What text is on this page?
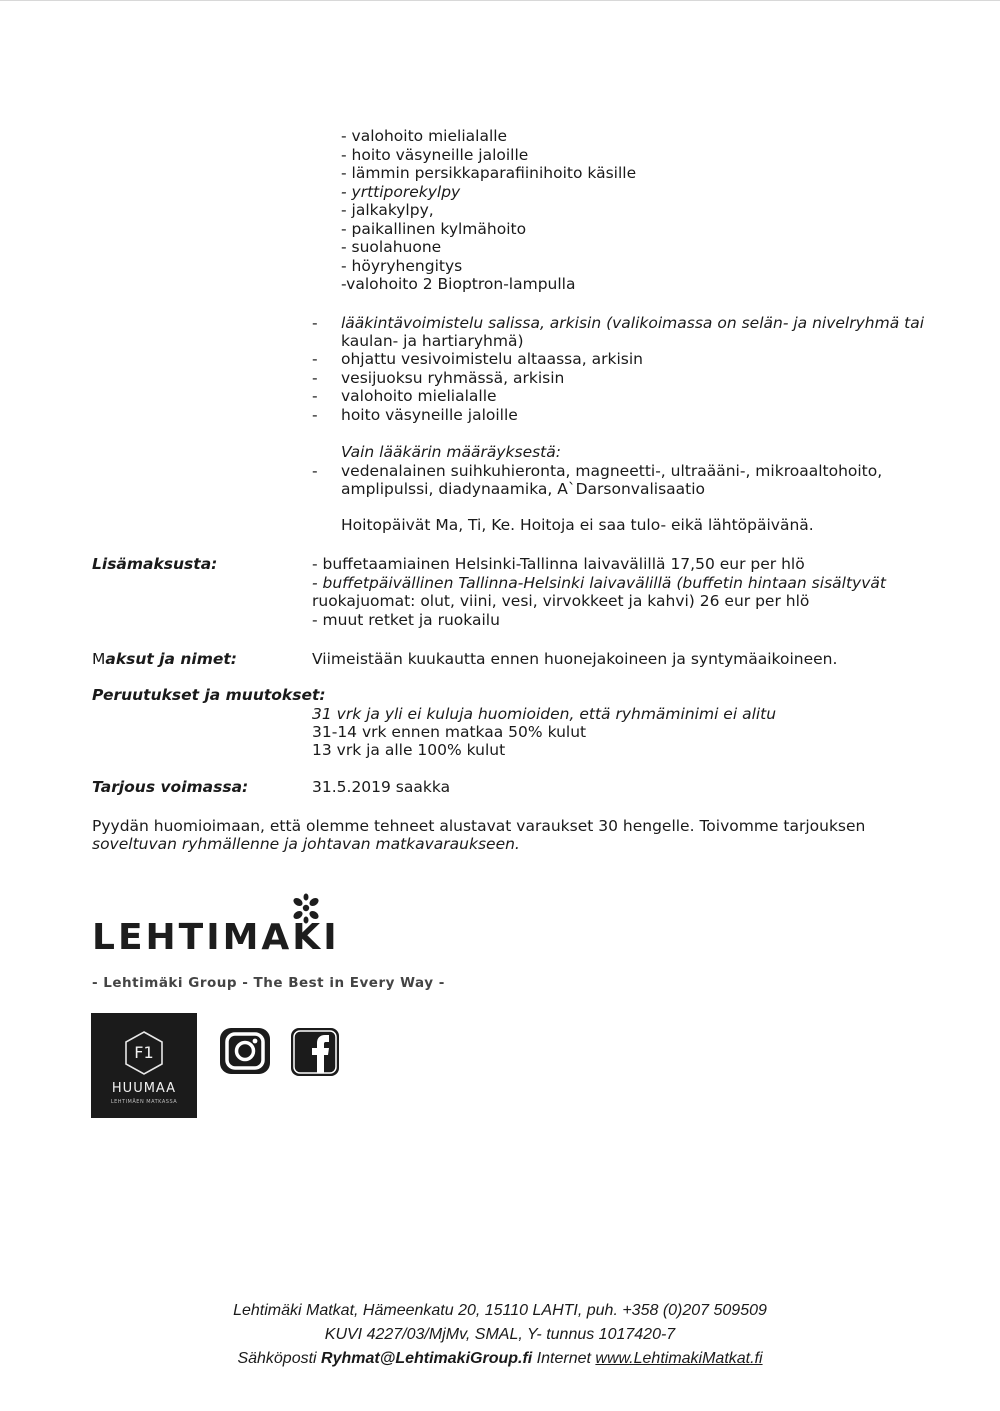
- valohoito mielialalle
- hoito väsyneille jaloille
- lämmin persikkaparafiinihoito käsille
- yrttiporekylpy
- jalkakylpy,
- paikallinen kylmähoito
- suolahuone
- höyryhengitys
-valohoito 2 Bioptron-lampulla
- lääkintävoimistelu salissa, arkisin (valikoimassa on selän- ja nivelryhmä tai
kaulan- ja hartiaryhmä)
- ohjattu vesivoimistelu altaassa, arkisin
- vesijuoksu ryhmässä, arkisin
- valohoito mielialalle
- hoito väsyneille jaloille
Vain lääkärin määräyksestä:
- vedenalainen suihkuhieronta, magneetti-, ultraääni-, mikroaaltohoito,
amplipulssi, diadynaamika, A`Darsonvalisaatio
Hoitopäivät Ma, Ti, Ke. Hoitoja ei saa tulo- eikä lähtöpäivänä.
Lisämaksusta:	- buffetaamiainen Helsinki-Tallinna laivavälillä 17,50 eur per hlö
- buffetpäivällinen Tallinna-Helsinki laivavälillä (buffetin hintaan sisältyvät
ruokajuomat: olut, viini, vesi, virvokkeet ja kahvi) 26 eur per hlö
- muut retket ja ruokailu
Maksut ja nimet:	Viimeistään kuukautta ennen huonejakoineen ja syntymäaikoineen.
Peruutukset ja muutokset:
31 vrk ja yli ei kuluja huomioiden, että ryhmäminimi ei alitu
31-14 vrk ennen matkaa 50% kulut
13 vrk ja alle 100% kulut
Tarjous voimassa:	31.5.2019 saakka
Pyydän huomioimaan, että olemme tehneet alustavat varaukset 30 hengelle. Toivomme tarjouksen
soveltuvan ryhmällenne ja johtavan matkavaraukseen.
LEHTIMAKI
- Lehtimäki Group - The Best in Every Way -
F1
HUUMAA
LEHTIMÄEN MATKASSA
Lehtimäki Matkat, Hämeenkatu 20, 15110 LAHTI, puh. +358 (0)207 509509
KUVI 4227/03/MjMv, SMAL, Y- tunnus 1017420-7
Sähköposti Ryhmat@LehtimakiGroup.fi Internet www.LehtimakiMatkat.fi
